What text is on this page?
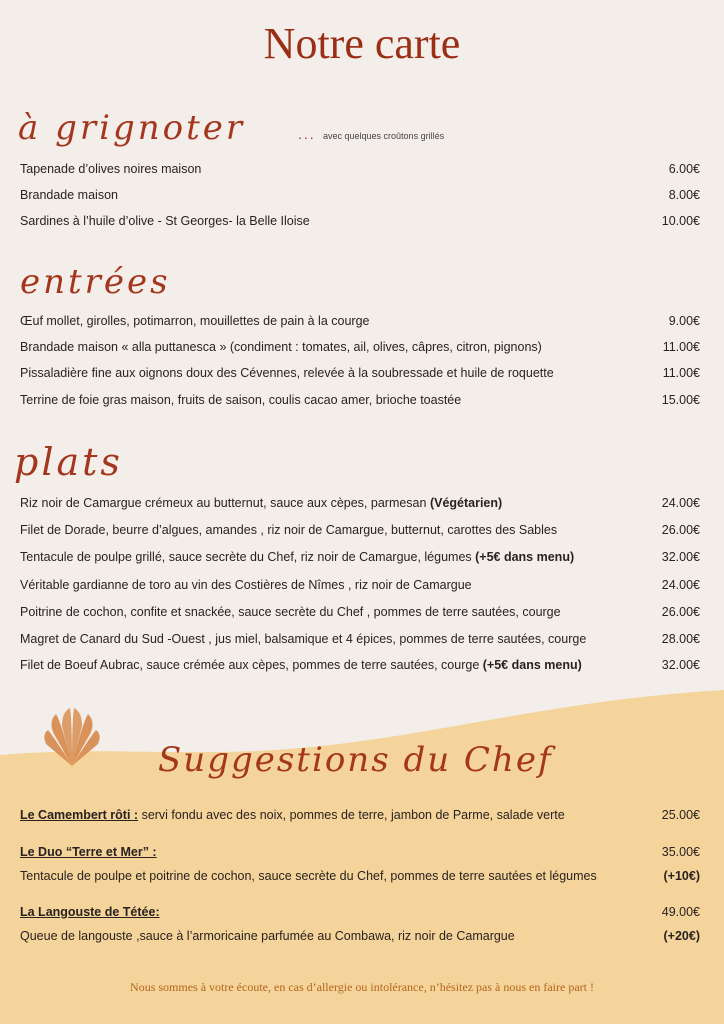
Notre carte
à grignoter	... avec quelques croûtons grillés
Tapenade d’olives noires maison	6.00€
Brandade maison	8.00€
Sardines à l’huile d’olive - St Georges- la Belle Iloise	10.00€
entrées
Œuf mollet, girolles, potimarron, mouillettes de pain à la courge	9.00€
Brandade maison « alla puttanesca » (condiment : tomates, ail, olives, câpres, citron, pignons)	11.00€
Pissaladière fine aux oignons doux des Cévennes, relevée à la soubressade et huile de roquette	11.00€
Terrine de foie gras maison, fruits de saison, coulis cacao amer, brioche toastée	15.00€
plats
Riz noir de Camargue crémeux au butternut, sauce aux cèpes, parmesan (Végétarien)	24.00€
Filet de Dorade, beurre d’algues, amandes , riz noir de Camargue, butternut, carottes des Sables	26.00€
Tentacule de poulpe grillé, sauce secrète du Chef, riz noir de Camargue, légumes (+5€ dans menu)	32.00€
Véritable gardianne de toro au vin des Costières de Nîmes , riz noir de Camargue	24.00€
Poitrine de cochon, confite et snackée, sauce secrète du Chef , pommes de terre sautées, courge	26.00€
Magret de Canard du Sud -Ouest , jus miel, balsamique et 4 épices, pommes de terre sautées, courge	28.00€
Filet de Boeuf Aubrac, sauce crémée aux cèpes, pommes de terre sautées, courge (+5€ dans menu)	32.00€
Suggestions du Chef
Le Camembert rôti : servi fondu avec des noix, pommes de terre, jambon de Parme, salade verte	25.00€
Le Duo “Terre et Mer” :	35.00€
Tentacule de poulpe et poitrine de cochon, sauce secrète du Chef, pommes de terre sautées et légumes	(+10€)
La Langouste de Tétée:	49.00€
Queue de langouste ,sauce à l’armoricaine parfumée au Combawa, riz noir de Camargue	(+20€)
Nous sommes à votre écoute, en cas d’allergie ou intolérance, n’hésitez pas à nous en faire part !
